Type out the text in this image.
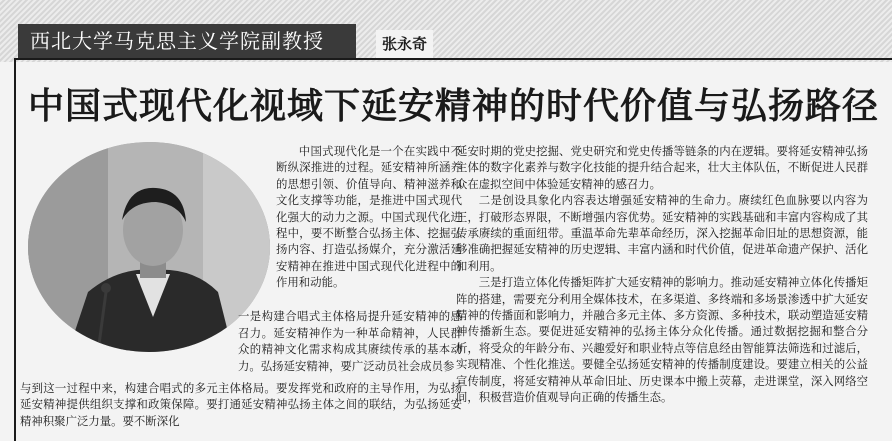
西北大学马克思主义学院副教授	张永奇
中国式现代化视域下延安精神的时代价值与弘扬路径

中国式现代化是一个在实践中不断纵深推进的过程。延安精神所涵养的思想引领、价值导向、精神滋养和文化支撑等功能，是推进中国式现代化强大的动力之源。中国式现代化进程中，要不断整合弘扬主体、挖掘弘扬内容、打造弘扬媒介，充分激活延安精神在推进中国式现代化进程中的作用和动能。

一是构建合唱式主体格局提升延安精神的感召力。延安精神作为一种革命精神，人民群众的精神文化需求构成其赓续传承的基本动力。弘扬延安精神，要广泛动员社会成员参

与到这一过程中来，构建合唱式的多元主体格局。要发挥党和政府的主导作用，为弘扬延安精神提供组织支撑和政策保障。要打通延安精神弘扬主体之间的联结，为弘扬延安精神积聚广泛力量。要不断深化

延安时期的党史挖掘、党史研究和党史传播等链条的内在逻辑。要将延安精神弘扬主体的数字化素养与数字化技能的提升结合起来，壮大主体队伍，不断促进人民群众在虚拟空间中体验延安精神的感召力。

二是创设具象化内容表达增强延安精神的生命力。赓续红色血脉要以内容为王，打破形态界限，不断增强内容优势。延安精神的实践基础和丰富内容构成了其传承赓续的重面纽带。重温革命先辈革命经历，深入挖掘革命旧址的思想资源，能够准确把握延安精神的历史逻辑、丰富内涵和时代价值，促进革命遗产保护、活化和利用。

三是打造立体化传播矩阵扩大延安精神的影响力。推动延安精神立体化传播矩阵的搭建，需要充分利用全媒体技术，在多渠道、多终端和多场景渗透中扩大延安精神的传播面和影响力，并融合多元主体、多方资源、多种技术，联动塑造延安精神传播新生态。要促进延安精神的弘扬主体分众化传播。通过数据挖掘和整合分析，将受众的年龄分布、兴趣爱好和职业特点等信息经由智能算法筛选和过滤后，实现精准、个性化推送。要健全弘扬延安精神的传播制度建设。要建立相关的公益宣传制度，将延安精神从革命旧址、历史课本中搬上荧幕，走进课堂，深入网络空间，积极营造价值观导向正确的传播生态。
